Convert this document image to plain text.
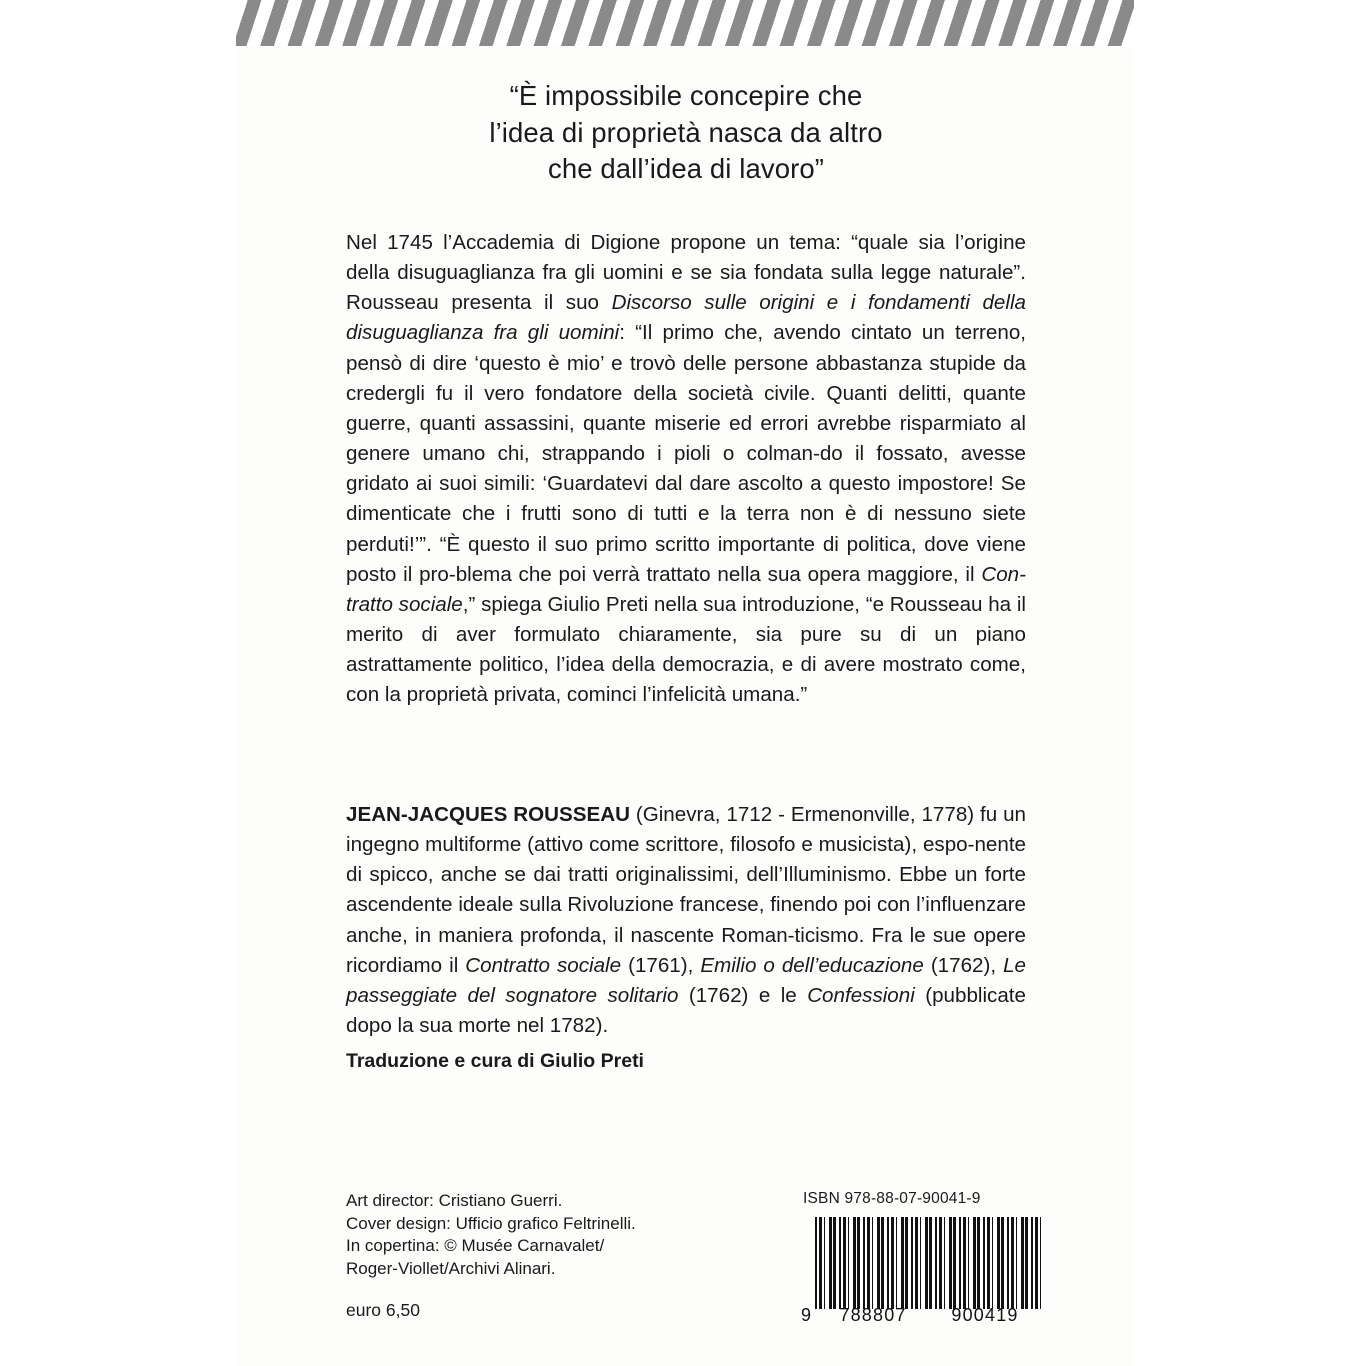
“È impossibile concepire che
l’idea di proprietà nasca da altro
che dall’idea di lavoro”
Nel 1745 l’Accademia di Digione propone un tema: “quale sia l’origine della disuguaglianza fra gli uomini e se sia fondata sulla legge naturale”. Rousseau presenta il suo Discorso sulle origini e i fondamenti della disuguaglianza fra gli uomini: “Il primo che, avendo cintato un terreno, pensò di dire ‘questo è mio’ e trovò delle persone abbastanza stupide da credergli fu il vero fondatore della società civile. Quanti delitti, quante guerre, quanti assassini, quante miserie ed errori avrebbe risparmiato al genere umano chi, strappando i pioli o colman-do il fossato, avesse gridato ai suoi simili: ‘Guardatevi dal dare ascolto a questo impostore! Se dimenticate che i frutti sono di tutti e la terra non è di nessuno siete perduti!’”. “È questo il suo primo scritto importante di politica, dove viene posto il pro-blema che poi verrà trattato nella sua opera maggiore, il Con-tratto sociale,” spiega Giulio Preti nella sua introduzione, “e Rousseau ha il merito di aver formulato chiaramente, sia pure su di un piano astrattamente politico, l’idea della democrazia, e di avere mostrato come, con la proprietà privata, cominci l’infelicità umana.”
JEAN-JACQUES ROUSSEAU (Ginevra, 1712 - Ermenonville, 1778) fu un ingegno multiforme (attivo come scrittore, filosofo e musicista), espo-nente di spicco, anche se dai tratti originalissimi, dell’Illuminismo. Ebbe un forte ascendente ideale sulla Rivoluzione francese, finendo poi con l’influenzare anche, in maniera profonda, il nascente Roman-ticismo. Fra le sue opere ricordiamo il Contratto sociale (1761), Emilio o dell’educazione (1762), Le passeggiate del sognatore solitario (1762) e le Confessioni (pubblicate dopo la sua morte nel 1782).
Traduzione e cura di Giulio Preti
Art director: Cristiano Guerri.
Cover design: Ufficio grafico Feltrinelli.
In copertina: © Musée Carnavalet/
Roger-Viollet/Archivi Alinari.
euro 6,50
ISBN 978-88-07-90041-9
9	788807	900419
